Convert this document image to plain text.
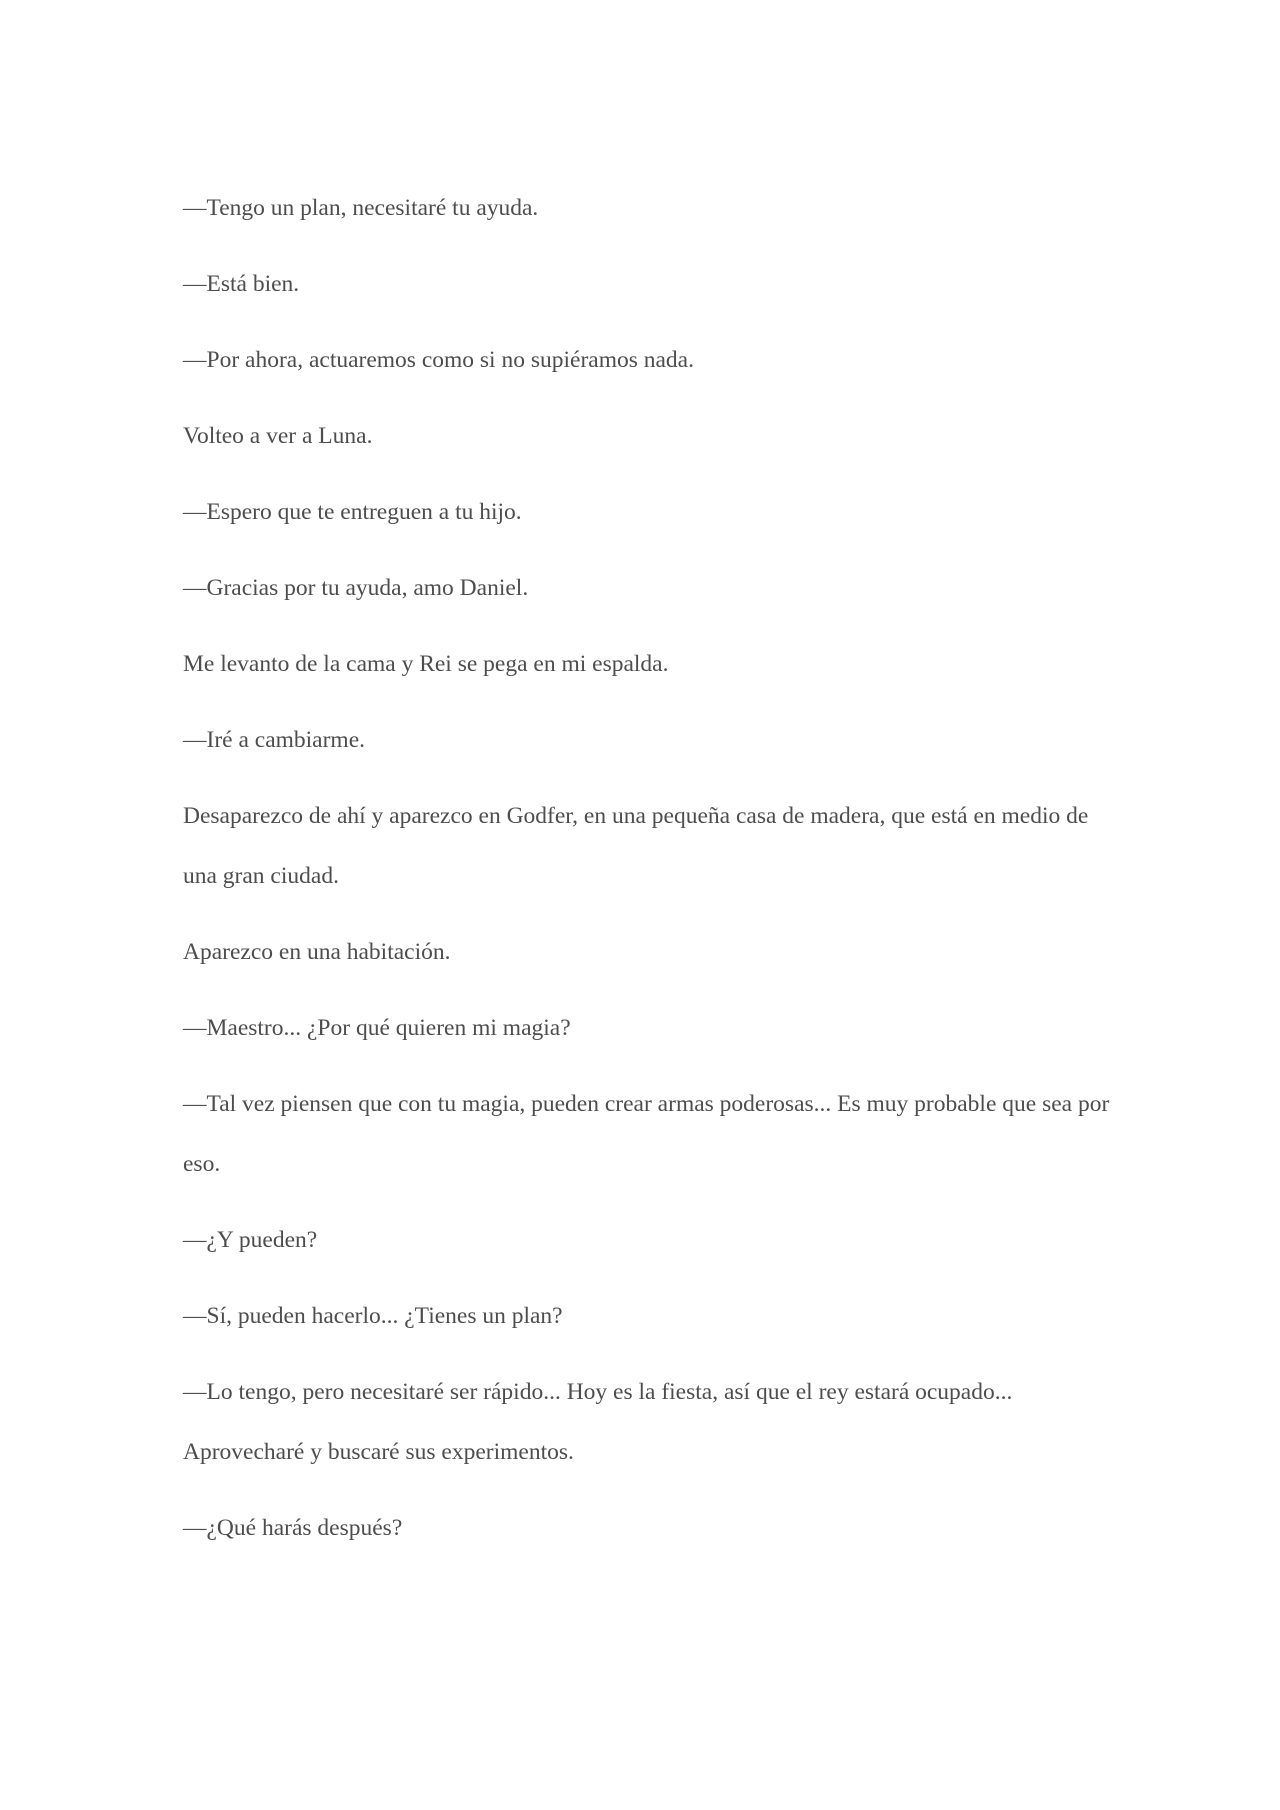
—Tengo un plan, necesitaré tu ayuda.

—Está bien.

—Por ahora, actuaremos como si no supiéramos nada.

Volteo a ver a Luna.

—Espero que te entreguen a tu hijo.

—Gracias por tu ayuda, amo Daniel.

Me levanto de la cama y Rei se pega en mi espalda.

—Iré a cambiarme.

Desaparezco de ahí y aparezco en Godfer, en una pequeña casa de madera, que está en medio de una gran ciudad.

Aparezco en una habitación.

—Maestro... ¿Por qué quieren mi magia?

—Tal vez piensen que con tu magia, pueden crear armas poderosas... Es muy probable que sea por eso.

—¿Y pueden?

—Sí, pueden hacerlo... ¿Tienes un plan?

—Lo tengo, pero necesitaré ser rápido... Hoy es la fiesta, así que el rey estará ocupado... Aprovecharé y buscaré sus experimentos.

—¿Qué harás después?
